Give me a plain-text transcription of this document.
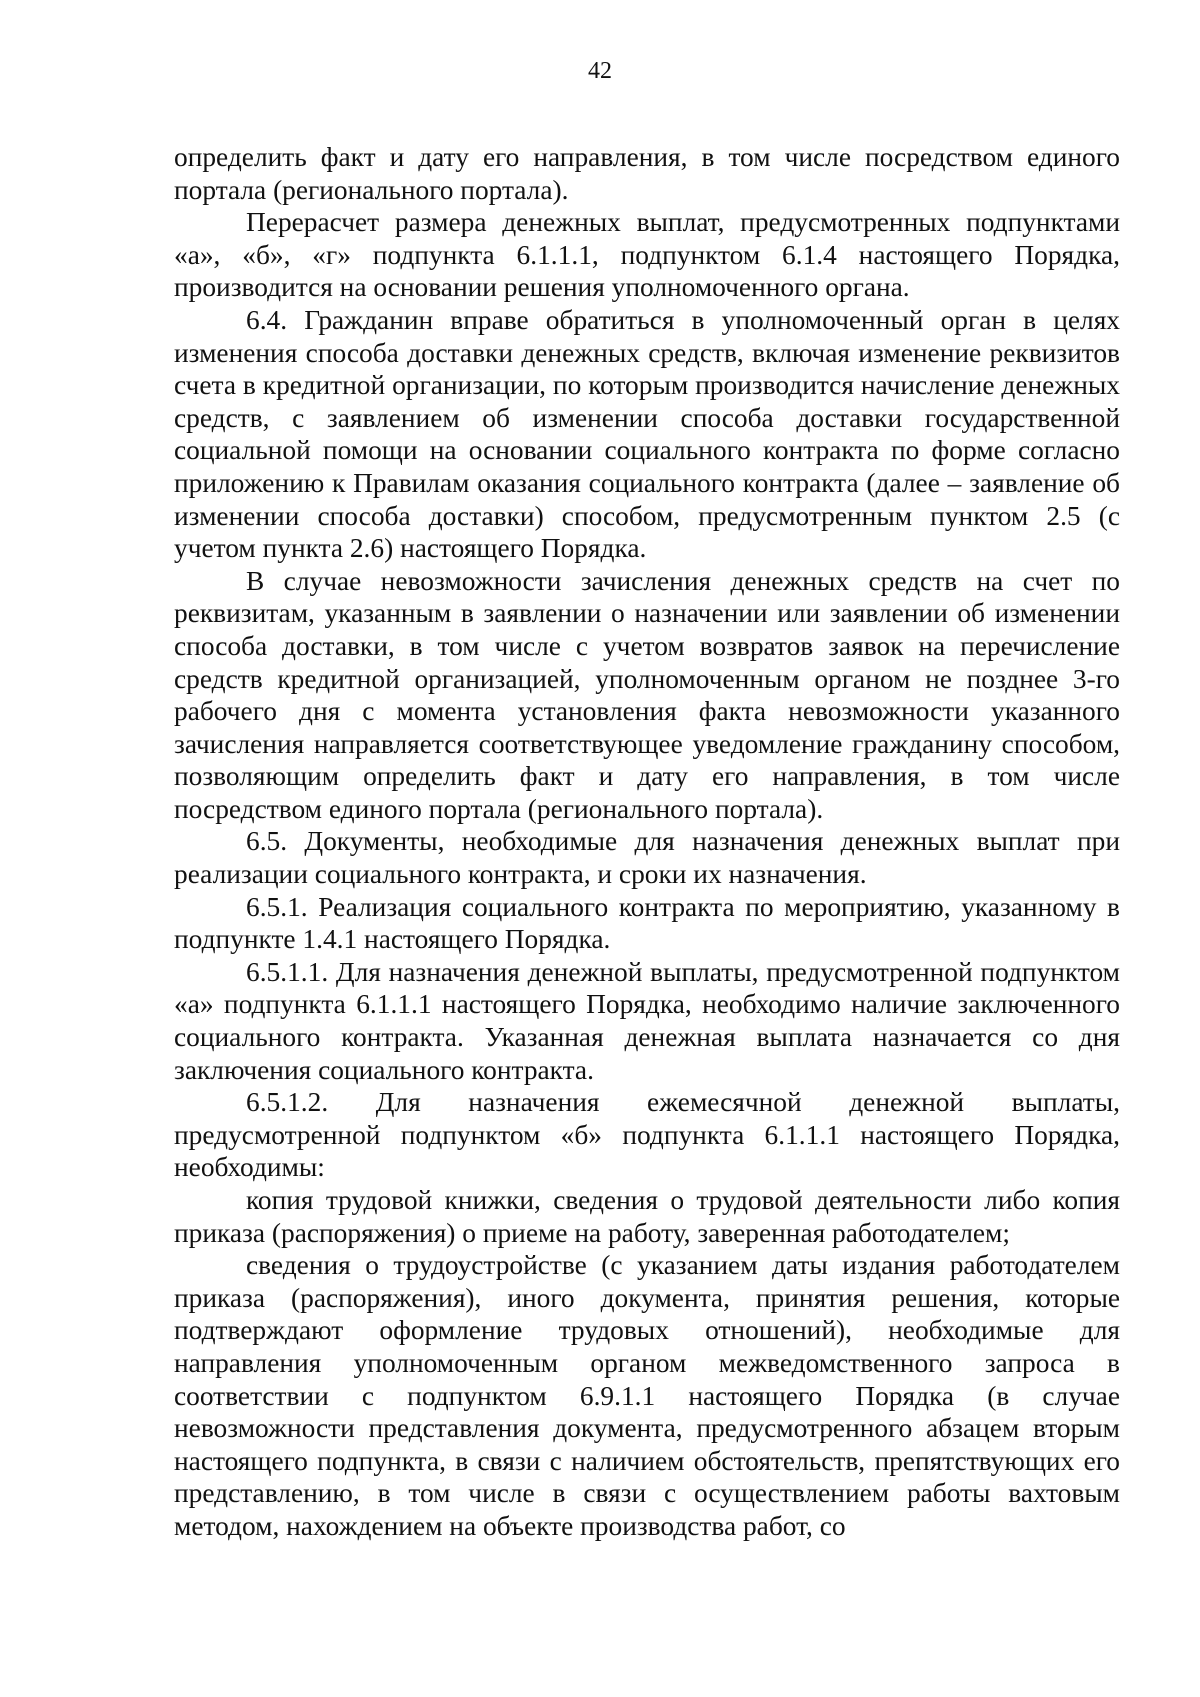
42

определить факт и дату его направления, в том числе посредством единого портала (регионального портала).

Перерасчет размера денежных выплат, предусмотренных подпунктами «а», «б», «г» подпункта 6.1.1.1, подпунктом 6.1.4 настоящего Порядка, производится на основании решения уполномоченного органа.

6.4. Гражданин вправе обратиться в уполномоченный орган в целях изменения способа доставки денежных средств, включая изменение реквизитов счета в кредитной организации, по которым производится начисление денежных средств, с заявлением об изменении способа доставки государственной социальной помощи на основании социального контракта по форме согласно приложению к Правилам оказания социального контракта (далее – заявление об изменении способа доставки) способом, предусмотренным пунктом 2.5 (с учетом пункта 2.6) настоящего Порядка.

В случае невозможности зачисления денежных средств на счет по реквизитам, указанным в заявлении о назначении или заявлении об изменении способа доставки, в том числе с учетом возвратов заявок на перечисление средств кредитной организацией, уполномоченным органом не позднее 3-го рабочего дня с момента установления факта невозможности указанного зачисления направляется соответствующее уведомление гражданину способом, позволяющим определить факт и дату его направления, в том числе посредством единого портала (регионального портала).

6.5. Документы, необходимые для назначения денежных выплат при реализации социального контракта, и сроки их назначения.

6.5.1. Реализация социального контракта по мероприятию, указанному в подпункте 1.4.1 настоящего Порядка.

6.5.1.1. Для назначения денежной выплаты, предусмотренной подпунктом «а» подпункта 6.1.1.1 настоящего Порядка, необходимо наличие заключенного социального контракта. Указанная денежная выплата назначается со дня заключения социального контракта.

6.5.1.2. Для назначения ежемесячной денежной выплаты, предусмотренной подпунктом «б» подпункта 6.1.1.1 настоящего Порядка, необходимы:

копия трудовой книжки, сведения о трудовой деятельности либо копия приказа (распоряжения) о приеме на работу, заверенная работодателем;

сведения о трудоустройстве (с указанием даты издания работодателем приказа (распоряжения), иного документа, принятия решения, которые подтверждают оформление трудовых отношений), необходимые для направления уполномоченным органом межведомственного запроса в соответствии с подпунктом 6.9.1.1 настоящего Порядка (в случае невозможности представления документа, предусмотренного абзацем вторым настоящего подпункта, в связи с наличием обстоятельств, препятствующих его представлению, в том числе в связи с осуществлением работы вахтовым методом, нахождением на объекте производства работ, со
